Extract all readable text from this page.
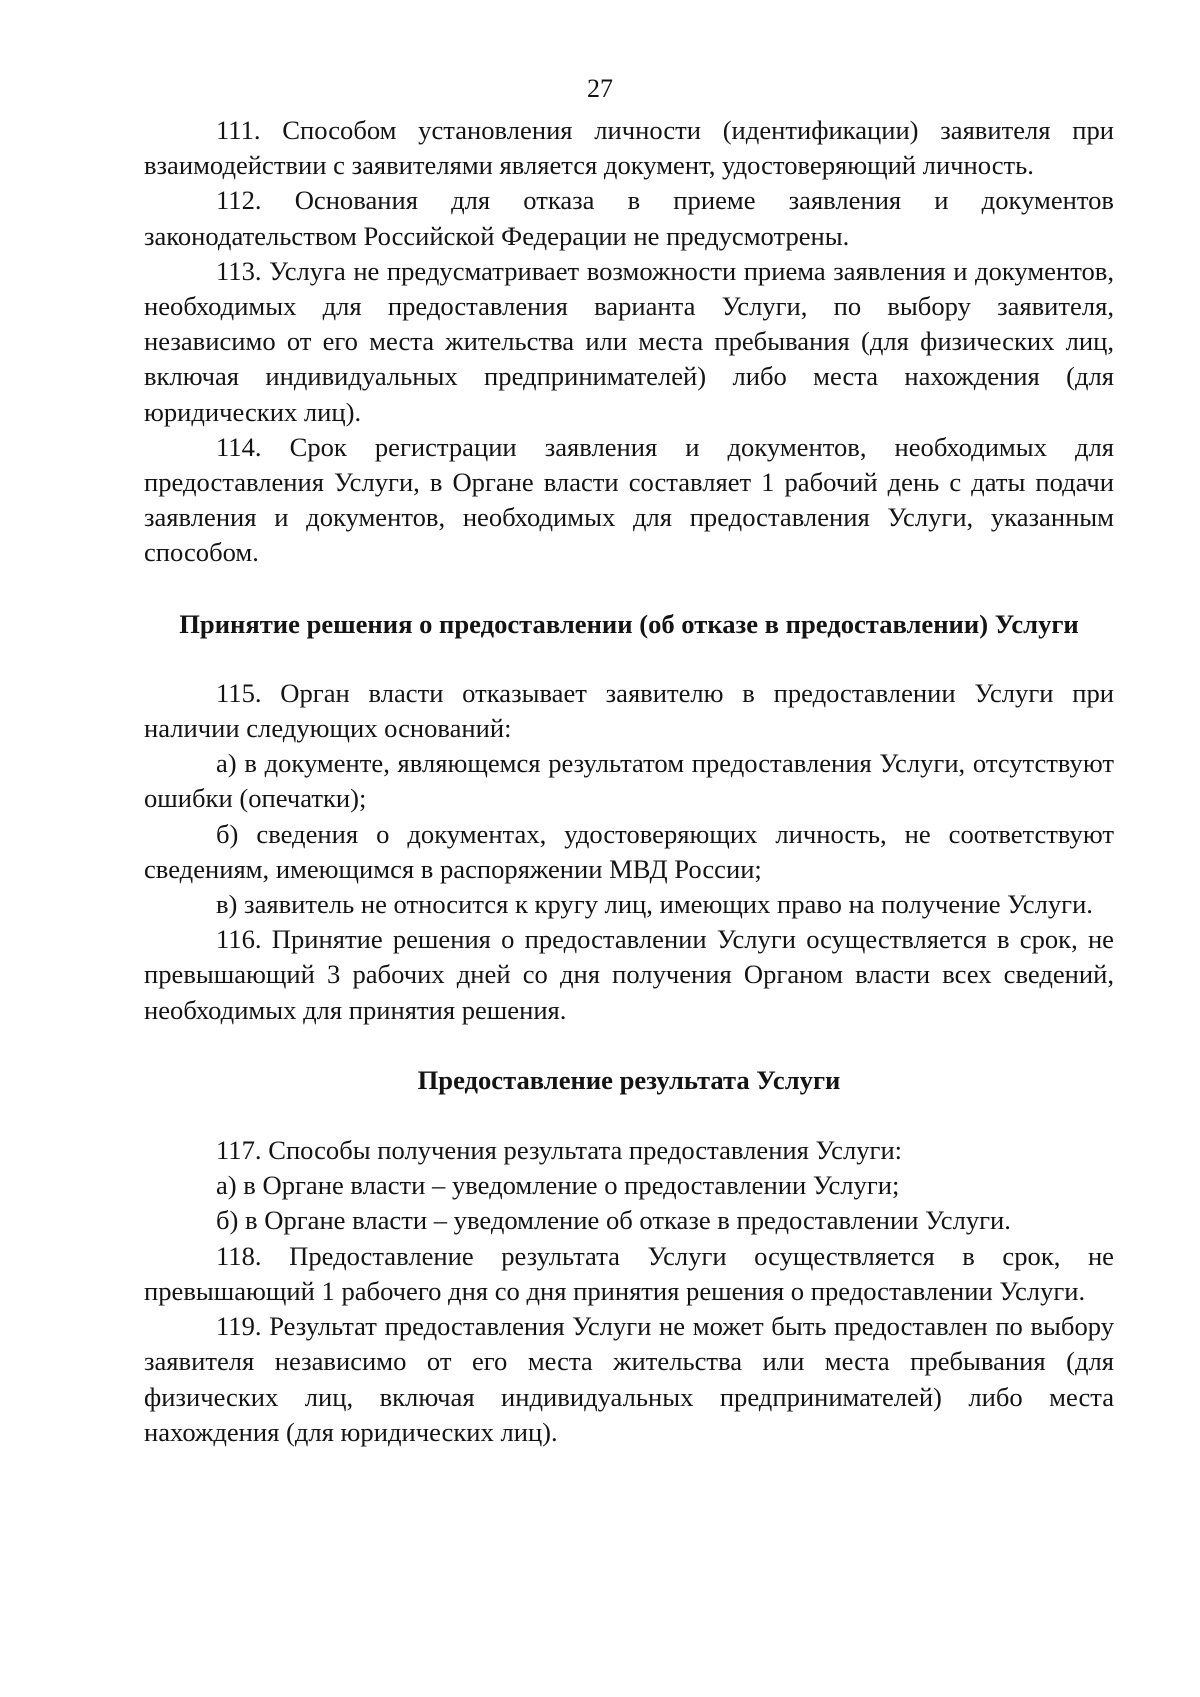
27

111. Способом установления личности (идентификации) заявителя при взаимодействии с заявителями является документ, удостоверяющий личность.

112. Основания для отказа в приеме заявления и документов законодательством Российской Федерации не предусмотрены.

113. Услуга не предусматривает возможности приема заявления и документов, необходимых для предоставления варианта Услуги, по выбору заявителя, независимо от его места жительства или места пребывания (для физических лиц, включая индивидуальных предпринимателей) либо места нахождения (для юридических лиц).

114. Срок регистрации заявления и документов, необходимых для предоставления Услуги, в Органе власти составляет 1 рабочий день с даты подачи заявления и документов, необходимых для предоставления Услуги, указанным способом.

Принятие решения о предоставлении (об отказе в предоставлении) Услуги

115. Орган власти отказывает заявителю в предоставлении Услуги при наличии следующих оснований:

а) в документе, являющемся результатом предоставления Услуги, отсутствуют ошибки (опечатки);

б) сведения о документах, удостоверяющих личность, не соответствуют сведениям, имеющимся в распоряжении МВД России;

в) заявитель не относится к кругу лиц, имеющих право на получение Услуги.

116. Принятие решения о предоставлении Услуги осуществляется в срок, не превышающий 3 рабочих дней со дня получения Органом власти всех сведений, необходимых для принятия решения.

Предоставление результата Услуги

117. Способы получения результата предоставления Услуги:

а) в Органе власти – уведомление о предоставлении Услуги;

б) в Органе власти – уведомление об отказе в предоставлении Услуги.

118. Предоставление результата Услуги осуществляется в срок, не превышающий 1 рабочего дня со дня принятия решения о предоставлении Услуги.

119. Результат предоставления Услуги не может быть предоставлен по выбору заявителя независимо от его места жительства или места пребывания (для физических лиц, включая индивидуальных предпринимателей) либо места нахождения (для юридических лиц).
